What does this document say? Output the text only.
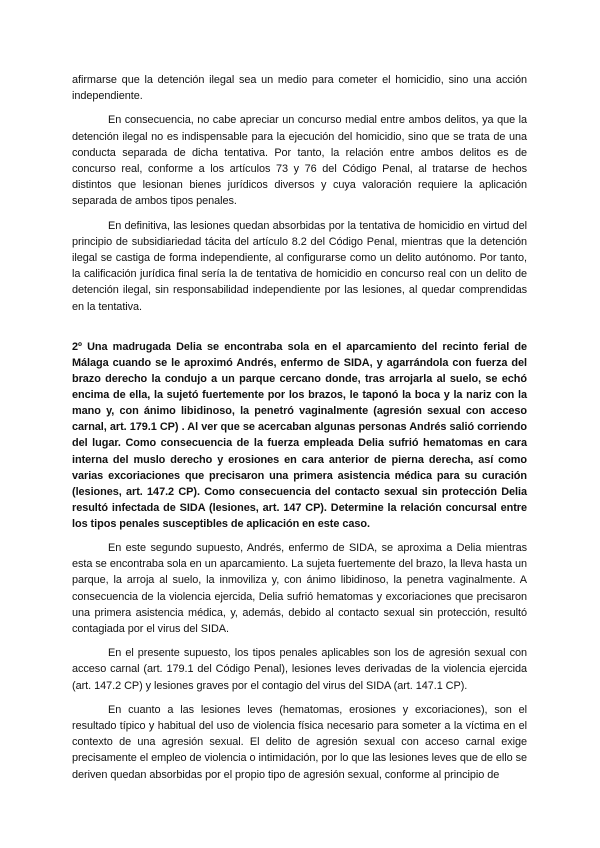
afirmarse que la detención ilegal sea un medio para cometer el homicidio, sino una acción independiente.

En consecuencia, no cabe apreciar un concurso medial entre ambos delitos, ya que la detención ilegal no es indispensable para la ejecución del homicidio, sino que se trata de una conducta separada de dicha tentativa. Por tanto, la relación entre ambos delitos es de concurso real, conforme a los artículos 73 y 76 del Código Penal, al tratarse de hechos distintos que lesionan bienes jurídicos diversos y cuya valoración requiere la aplicación separada de ambos tipos penales.

En definitiva, las lesiones quedan absorbidas por la tentativa de homicidio en virtud del principio de subsidiariedad tácita del artículo 8.2 del Código Penal, mientras que la detención ilegal se castiga de forma independiente, al configurarse como un delito autónomo. Por tanto, la calificación jurídica final sería la de tentativa de homicidio en concurso real con un delito de detención ilegal, sin responsabilidad independiente por las lesiones, al quedar comprendidas en la tentativa.

2º Una madrugada Delia se encontraba sola en el aparcamiento del recinto ferial de Málaga cuando se le aproximó Andrés, enfermo de SIDA, y agarrándola con fuerza del brazo derecho la condujo a un parque cercano donde, tras arrojarla al suelo, se echó encima de ella, la sujetó fuertemente por los brazos, le taponó la boca y la nariz con la mano y, con ánimo libidinoso, la penetró vaginalmente (agresión sexual con acceso carnal, art. 179.1 CP) . Al ver que se acercaban algunas personas Andrés salió corriendo del lugar. Como consecuencia de la fuerza empleada Delia sufrió hematomas en cara interna del muslo derecho y erosiones en cara anterior de pierna derecha, así como varias excoriaciones que precisaron una primera asistencia médica para su curación (lesiones, art. 147.2 CP). Como consecuencia del contacto sexual sin protección Delia resultó infectada de SIDA (lesiones, art. 147 CP). Determine la relación concursal entre los tipos penales susceptibles de aplicación en este caso.

En este segundo supuesto, Andrés, enfermo de SIDA, se aproxima a Delia mientras esta se encontraba sola en un aparcamiento. La sujeta fuertemente del brazo, la lleva hasta un parque, la arroja al suelo, la inmoviliza y, con ánimo libidinoso, la penetra vaginalmente. A consecuencia de la violencia ejercida, Delia sufrió hematomas y excoriaciones que precisaron una primera asistencia médica, y, además, debido al contacto sexual sin protección, resultó contagiada por el virus del SIDA.

En el presente supuesto, los tipos penales aplicables son los de agresión sexual con acceso carnal (art. 179.1 del Código Penal), lesiones leves derivadas de la violencia ejercida (art. 147.2 CP) y lesiones graves por el contagio del virus del SIDA (art. 147.1 CP).

En cuanto a las lesiones leves (hematomas, erosiones y excoriaciones), son el resultado típico y habitual del uso de violencia física necesario para someter a la víctima en el contexto de una agresión sexual. El delito de agresión sexual con acceso carnal exige precisamente el empleo de violencia o intimidación, por lo que las lesiones leves que de ello se deriven quedan absorbidas por el propio tipo de agresión sexual, conforme al principio de
